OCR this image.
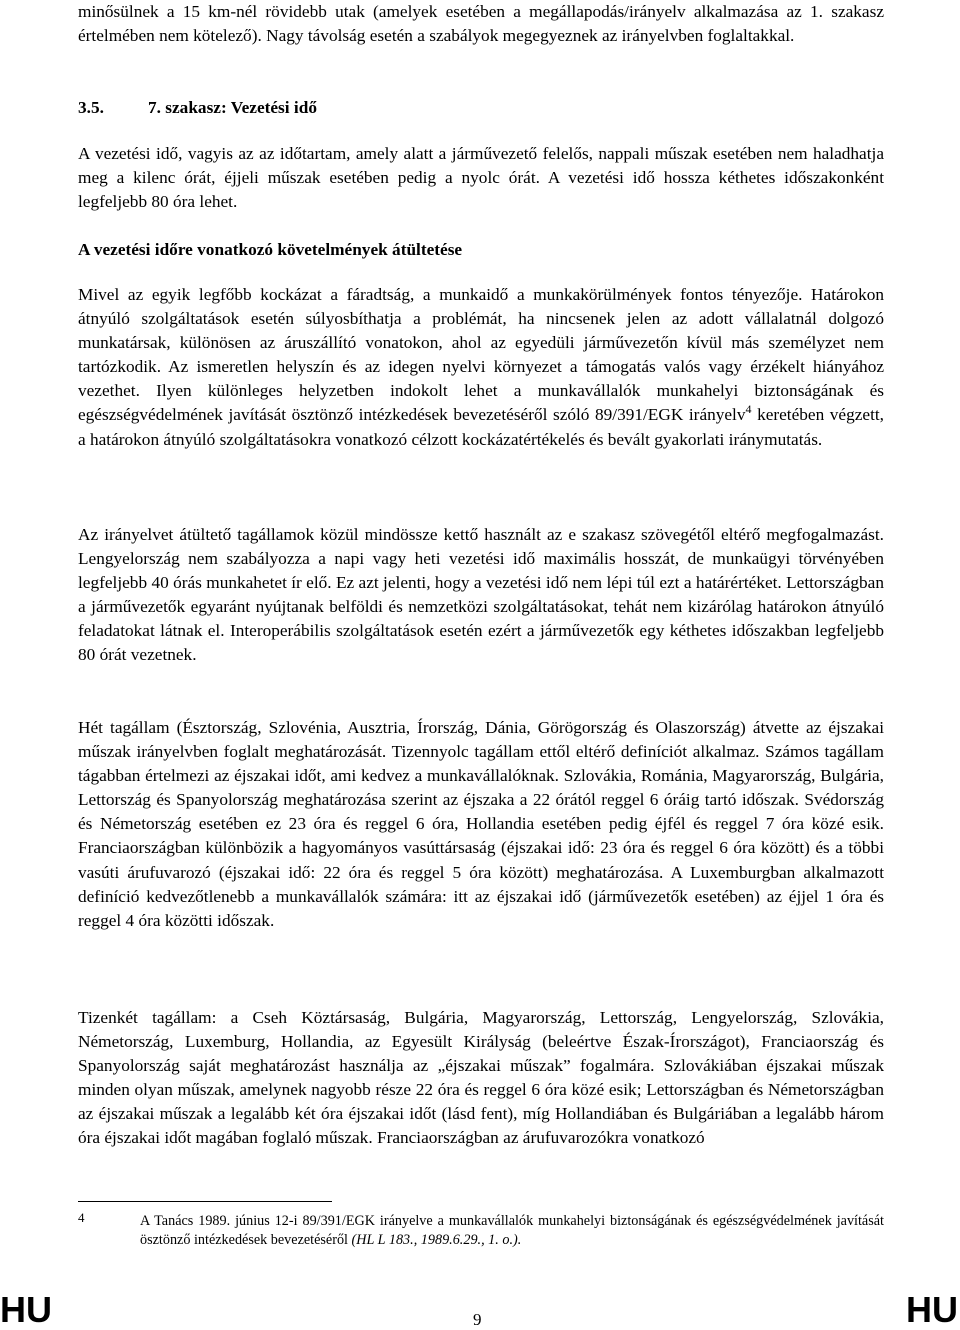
minősülnek a 15 km-nél rövidebb utak (amelyek esetében a megállapodás/irányelv alkalmazása az 1. szakasz értelmében nem kötelező). Nagy távolság esetén a szabályok megegyeznek az irányelvben foglaltakkal.

3.5.	7. szakasz: Vezetési idő

A vezetési idő, vagyis az az időtartam, amely alatt a járművezető felelős, nappali műszak esetében nem haladhatja meg a kilenc órát, éjjeli műszak esetében pedig a nyolc órát. A vezetési idő hossza kéthetes időszakonként legfeljebb 80 óra lehet.

A vezetési időre vonatkozó követelmények átültetése

Mivel az egyik legfőbb kockázat a fáradtság, a munkaidő a munkakörülmények fontos tényezője. Határokon átnyúló szolgáltatások esetén súlyosbíthatja a problémát, ha nincsenek jelen az adott vállalatnál dolgozó munkatársak, különösen az áruszállító vonatokon, ahol az egyedüli járművezetőn kívül más személyzet nem tartózkodik. Az ismeretlen helyszín és az idegen nyelvi környezet a támogatás valós vagy érzékelt hiányához vezethet. Ilyen különleges helyzetben indokolt lehet a munkavállalók munkahelyi biztonságának és egészségvédelmének javítását ösztönző intézkedések bevezetéséről szóló 89/391/EGK irányelv$^4$ keretében végzett, a határokon átnyúló szolgáltatásokra vonatkozó célzott kockázatértékelés és bevált gyakorlati iránymutatás.

Az irányelvet átültető tagállamok közül mindössze kettő használt az e szakasz szövegétől eltérő megfogalmazást. Lengyelország nem szabályozza a napi vagy heti vezetési idő maximális hosszát, de munkaügyi törvényében legfeljebb 40 órás munkahetet ír elő. Ez azt jelenti, hogy a vezetési idő nem lépi túl ezt a határértéket. Lettországban a járművezetők egyaránt nyújtanak belföldi és nemzetközi szolgáltatásokat, tehát nem kizárólag határokon átnyúló feladatokat látnak el. Interoperábilis szolgáltatások esetén ezért a járművezetők egy kéthetes időszakban legfeljebb 80 órát vezetnek.

Hét tagállam (Észtország, Szlovénia, Ausztria, Írország, Dánia, Görögország és Olaszország) átvette az éjszakai műszak irányelvben foglalt meghatározását. Tizennyolc tagállam ettől eltérő definíciót alkalmaz. Számos tagállam tágabban értelmezi az éjszakai időt, ami kedvez a munkavállalóknak. Szlovákia, Románia, Magyarország, Bulgária, Lettország és Spanyolország meghatározása szerint az éjszaka a 22 órától reggel 6 óráig tartó időszak. Svédország és Németország esetében ez 23 óra és reggel 6 óra, Hollandia esetében pedig éjfél és reggel 7 óra közé esik. Franciaországban különbözik a hagyományos vasúttársaság (éjszakai idő: 23 óra és reggel 6 óra között) és a többi vasúti árufuvarozó (éjszakai idő: 22 óra és reggel 5 óra között) meghatározása. A Luxemburgban alkalmazott definíció kedvezőtlenebb a munkavállalók számára: itt az éjszakai idő (járművezetők esetében) az éjjel 1 óra és reggel 4 óra közötti időszak.

Tizenkét tagállam: a Cseh Köztársaság, Bulgária, Magyarország, Lettország, Lengyelország, Szlovákia, Németország, Luxemburg, Hollandia, az Egyesült Királyság (beleértve Észak-Írországot), Franciaország és Spanyolország saját meghatározást használja az „éjszakai műszak” fogalmára. Szlovákiában éjszakai műszak minden olyan műszak, amelynek nagyobb része 22 óra és reggel 6 óra közé esik; Lettországban és Németországban az éjszakai műszak a legalább két óra éjszakai időt (lásd fent), míg Hollandiában és Bulgáriában a legalább három óra éjszakai időt magában foglaló műszak. Franciaországban az árufuvarozókra vonatkozó

4	A Tanács 1989. június 12-i 89/391/EGK irányelve a munkavállalók munkahelyi biztonságának és egészségvédelmének javítását ösztönző intézkedések bevezetéséről (HL L 183., 1989.6.29., 1. o.).
HU	9	HU
